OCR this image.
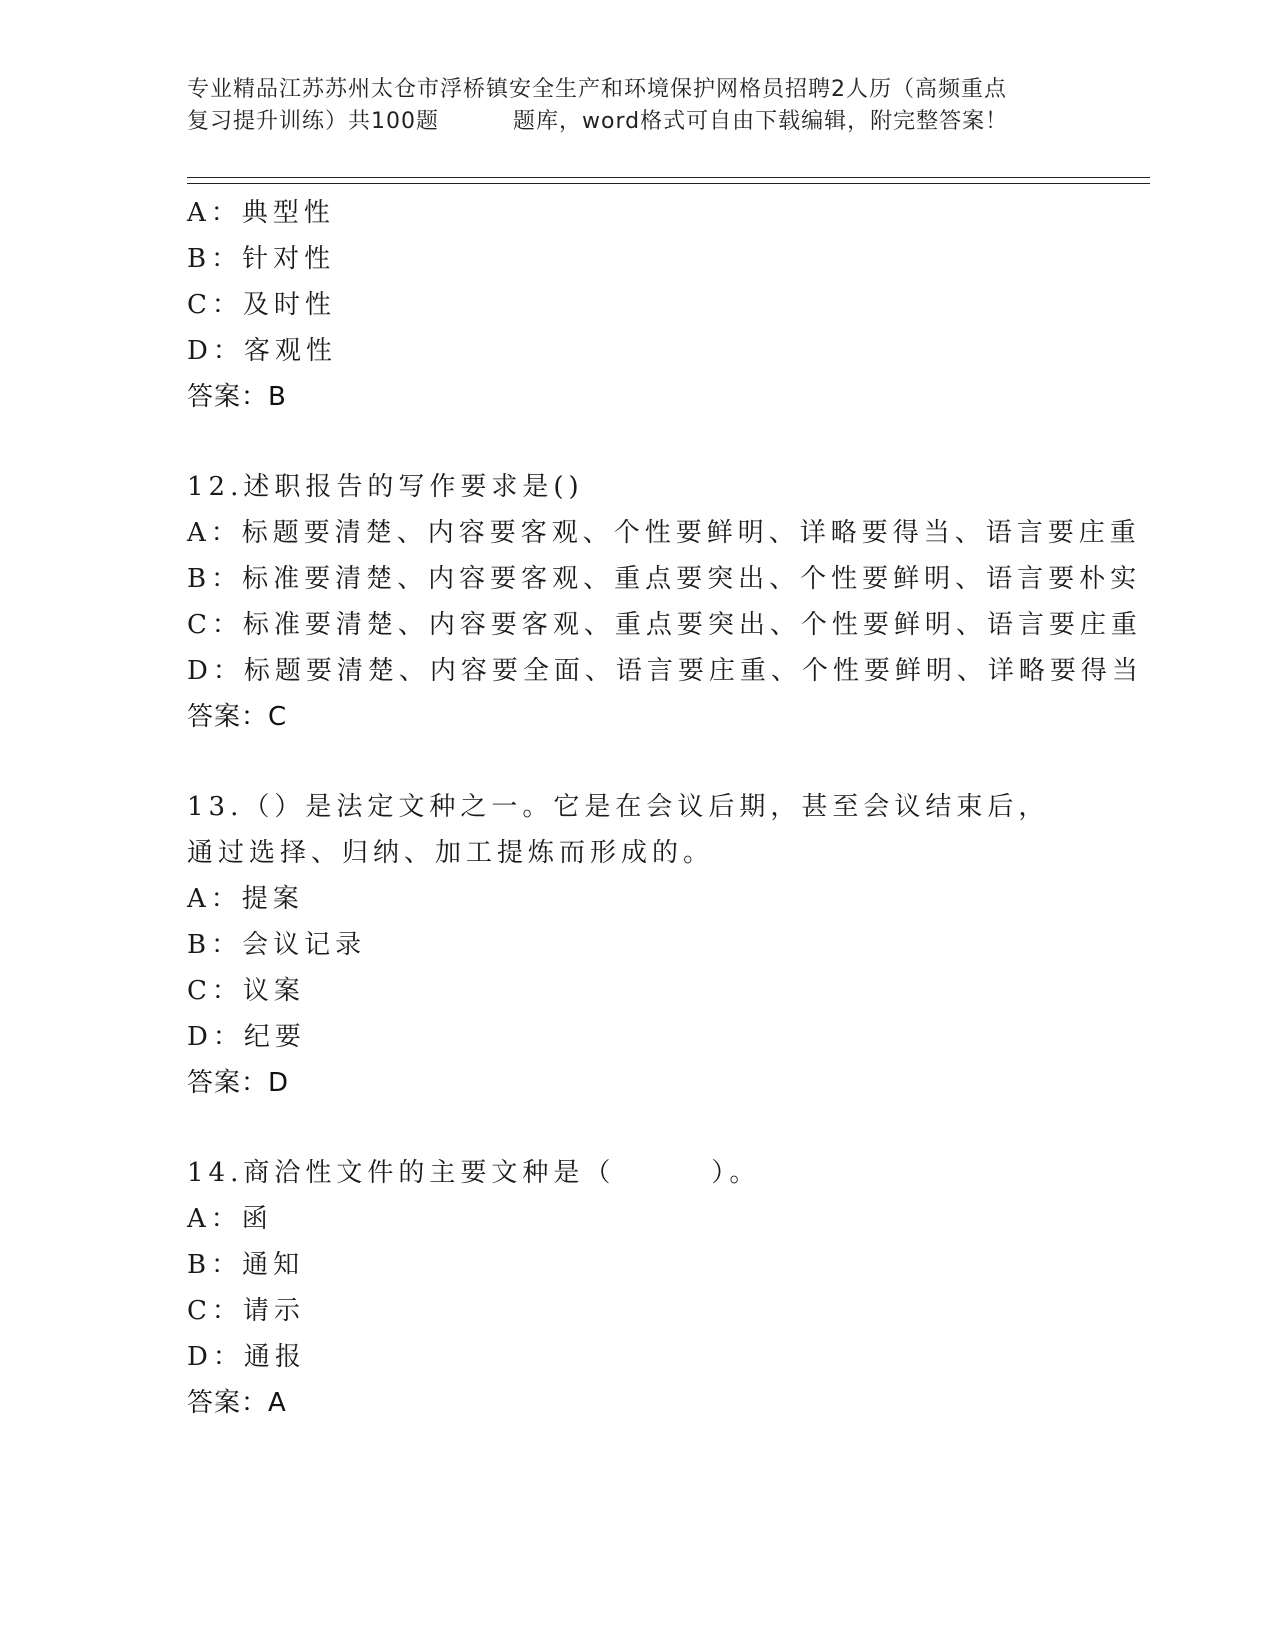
专业精品江苏苏州太仓市浮桥镇安全生产和环境保护网格员招聘2人历（高频重点
复习提升训练）共100题	题库，word格式可自由下载编辑，附完整答案！
A：典型性
B：针对性
C：及时性
D：客观性
答案：B
12.述职报告的写作要求是()
A：标题要清楚、内容要客观、个性要鲜明、详略要得当、语言要庄重
B：标准要清楚、内容要客观、重点要突出、个性要鲜明、语言要朴实
C：标准要清楚、内容要客观、重点要突出、个性要鲜明、语言要庄重
D：标题要清楚、内容要全面、语言要庄重、个性要鲜明、详略要得当
答案：C
13.（）是法定文种之一。它是在会议后期，甚至会议结束后，通过选择、归纳、加工提炼而形成的。
A：提案
B：会议记录
C：议案
D：纪要
答案：D
14.商洽性文件的主要文种是（	）。
A：函
B：通知
C：请示
D：通报
答案：A
